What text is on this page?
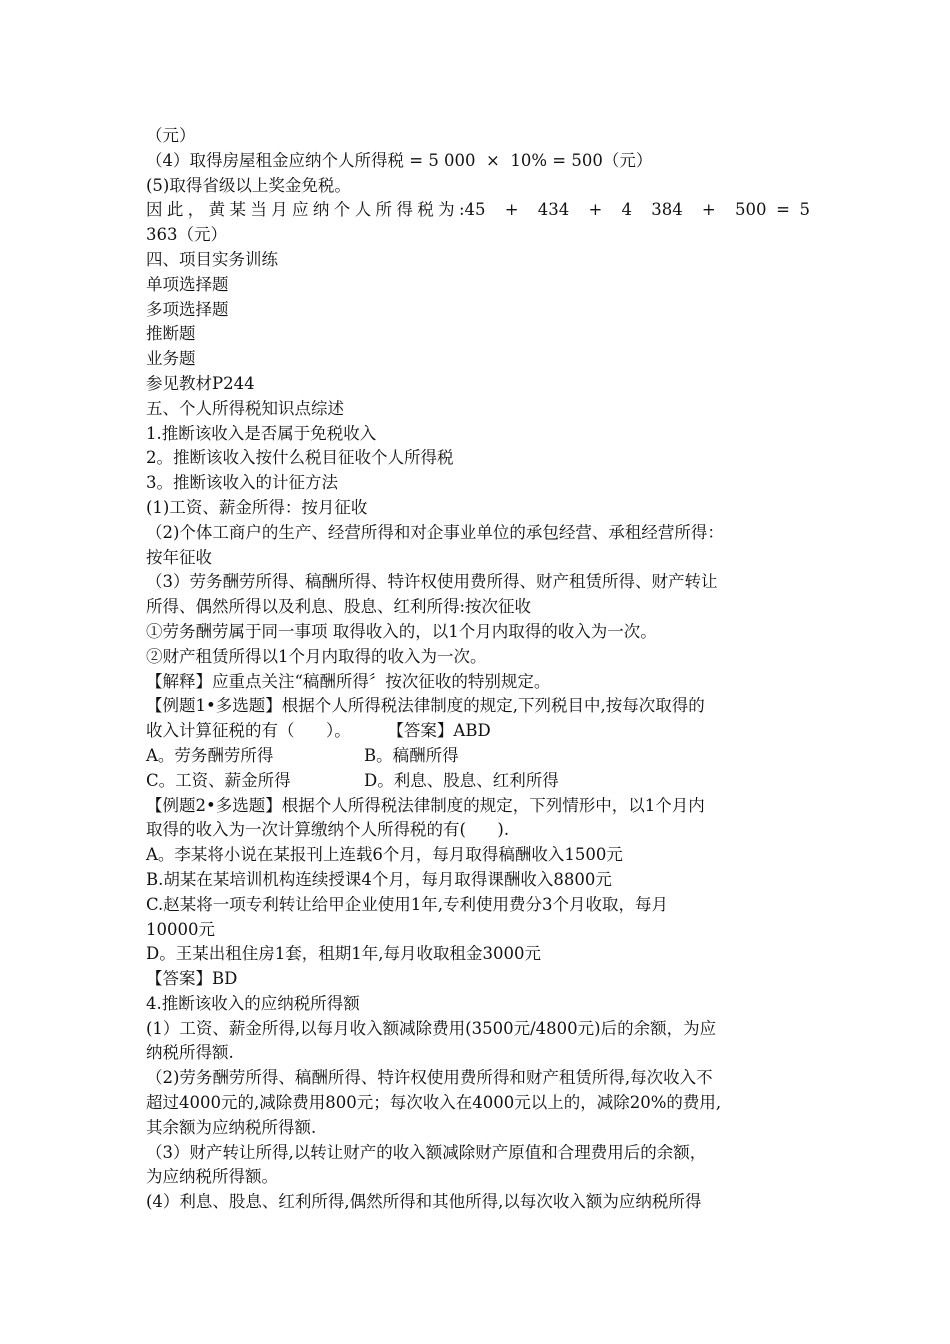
（元）
（4）取得房屋租金应纳个人所得税 = 5 000  ×  10% = 500（元）
(5)取得省级以上奖金免税。
因此，黄某当月应纳个人所得税为:45  +  434  +  4  384  +  500 = 5
363（元）
四、项目实务训练
单项选择题
多项选择题
推断题
业务题
参见教材P244
五、个人所得税知识点综述
1.推断该收入是否属于免税收入
2。推断该收入按什么税目征收个人所得税
3。推断该收入的计征方法
(1)工资、薪金所得：按月征收
（2)个体工商户的生产、经营所得和对企事业单位的承包经营、承租经营所得：
按年征收
（3）劳务酬劳所得、稿酬所得、特许权使用费所得、财产租赁所得、财产转让
所得、偶然所得以及利息、股息、红利所得:按次征收
①劳务酬劳属于同一事项 取得收入的，以1个月内取得的收入为一次。
②财产租赁所得以1个月内取得的收入为一次。
【解释】应重点关注“稿酬所得〞按次征收的特别规定。
【例题1•多选题】根据个人所得税法律制度的规定,下列税目中,按每次取得的
收入计算征税的有（      ）。       【答案】ABD
A。劳务酬劳所得	B。稿酬所得
C。工资、薪金所得	D。利息、股息、红利所得
【例题2•多选题】根据个人所得税法律制度的规定，下列情形中，以1个月内
取得的收入为一次计算缴纳个人所得税的有(      ).
A。李某将小说在某报刊上连载6个月，每月取得稿酬收入1500元
B.胡某在某培训机构连续授课4个月，每月取得课酬收入8800元
C.赵某将一项专利转让给甲企业使用1年,专利使用费分3个月收取，每月
10000元
D。王某出租住房1套，租期1年,每月收取租金3000元
【答案】BD
4.推断该收入的应纳税所得额
(1）工资、薪金所得,以每月收入额减除费用(3500元/4800元)后的余额，为应
纳税所得额.
（2)劳务酬劳所得、稿酬所得、特许权使用费所得和财产租赁所得,每次收入不
超过4000元的,减除费用800元；每次收入在4000元以上的，减除20%的费用,
其余额为应纳税所得额.
（3）财产转让所得,以转让财产的收入额减除财产原值和合理费用后的余额，
为应纳税所得额。
(4）利息、股息、红利所得,偶然所得和其他所得,以每次收入额为应纳税所得
